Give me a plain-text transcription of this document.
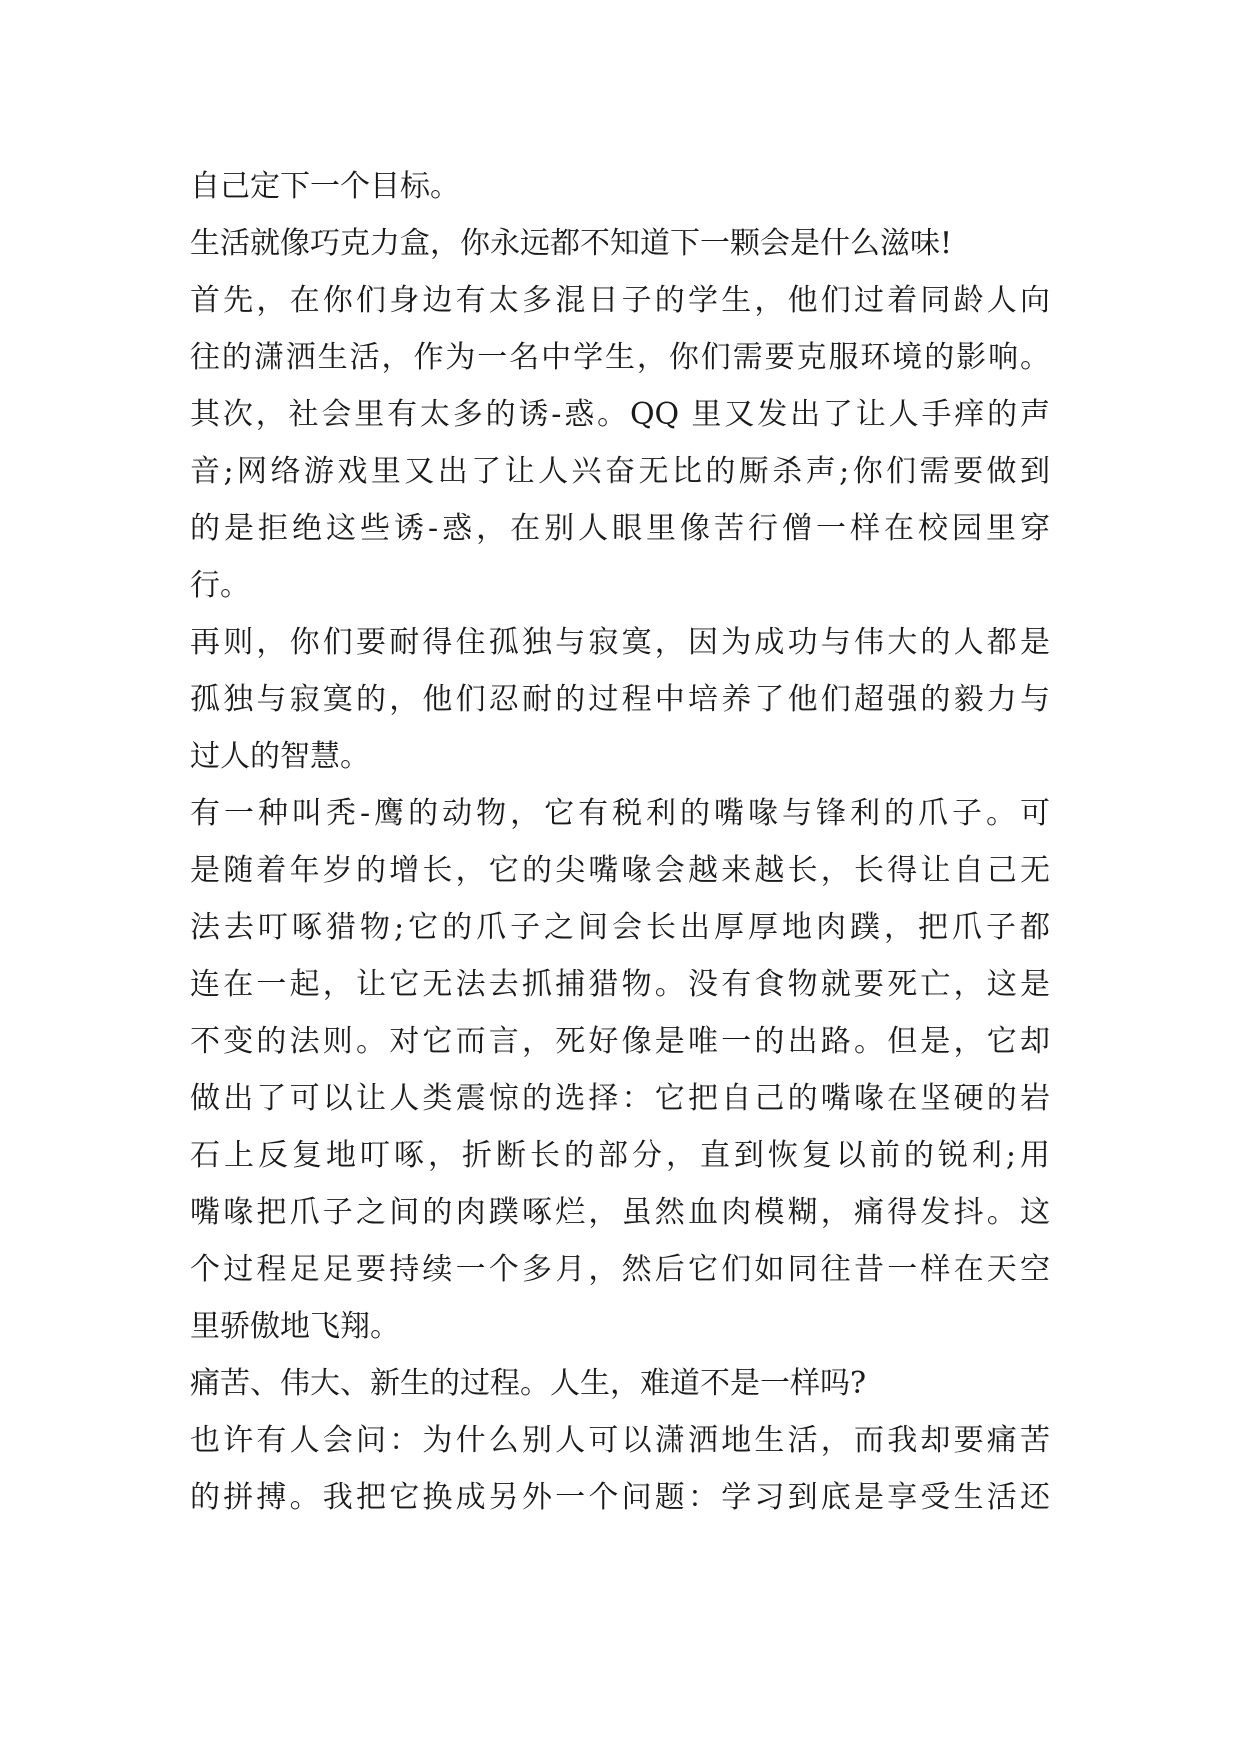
自己定下一个目标。
生活就像巧克力盒，你永远都不知道下一颗会是什么滋味!
首先，在你们身边有太多混日子的学生，他们过着同龄人向
往的潇洒生活，作为一名中学生，你们需要克服环境的影响。
其次，社会里有太多的诱-惑。QQ 里又发出了让人手痒的声
音;网络游戏里又出了让人兴奋无比的厮杀声;你们需要做到
的是拒绝这些诱-惑，在别人眼里像苦行僧一样在校园里穿
行。
再则，你们要耐得住孤独与寂寞，因为成功与伟大的人都是
孤独与寂寞的，他们忍耐的过程中培养了他们超强的毅力与
过人的智慧。
有一种叫秃-鹰的动物，它有税利的嘴喙与锋利的爪子。可
是随着年岁的增长，它的尖嘴喙会越来越长，长得让自己无
法去叮啄猎物;它的爪子之间会长出厚厚地肉蹼，把爪子都
连在一起，让它无法去抓捕猎物。没有食物就要死亡，这是
不变的法则。对它而言，死好像是唯一的出路。但是，它却
做出了可以让人类震惊的选择：它把自己的嘴喙在坚硬的岩
石上反复地叮啄，折断长的部分，直到恢复以前的锐利;用
嘴喙把爪子之间的肉蹼啄烂，虽然血肉模糊，痛得发抖。这
个过程足足要持续一个多月，然后它们如同往昔一样在天空
里骄傲地飞翔。
痛苦、伟大、新生的过程。人生，难道不是一样吗?
也许有人会问：为什么别人可以潇洒地生活，而我却要痛苦
的拼搏。我把它换成另外一个问题：学习到底是享受生活还
